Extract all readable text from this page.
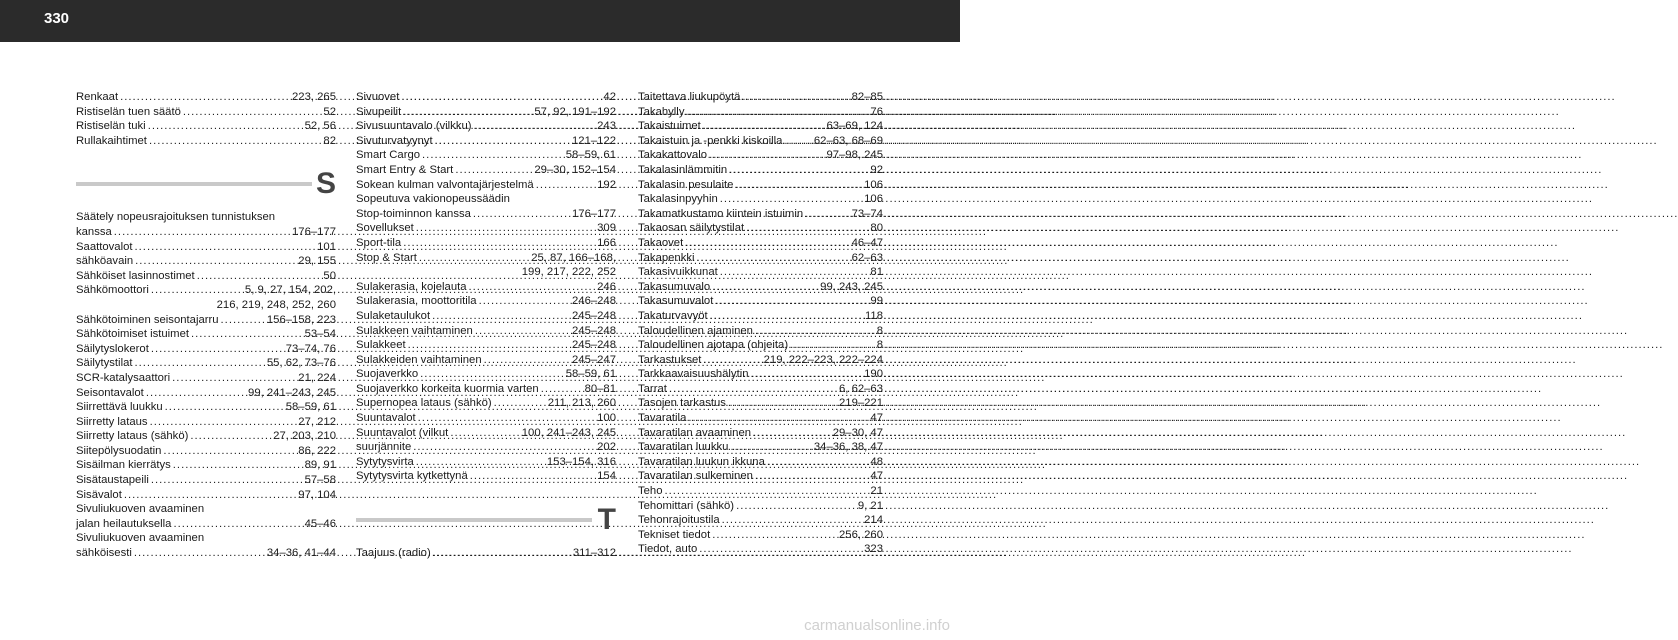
330
Renkaat .....	223, 265
Ristiselän tuen säätö .....	52
Ristiselän tuki .....	52, 56
Rullakaihtimet .....	82
S
Säätely nopeusrajoituksen tunnistuksen
kanssa .....	176–177
Saattovalot .....	101
sähköavain .....	29, 155
Sähköiset lasinnostimet .....	50
Sähkömoottori .....	5, 9, 27, 154, 202,
216, 219, 248, 252, 260
Sähkötoiminen seisontajarru .....	156–158, 223
Sähkötoimiset istuimet .....	53–54
Säilytyslokerot .....	73–74, 76
Säilytystilat .....	55, 62, 73–76
SCR-katalysaattori .....	21, 224
Seisontavalot .....	99, 241–243, 245
Siirrettävä luukku .....	58–59, 61
Siirretty lataus .....	27, 212
Siirretty lataus (sähkö) .....	27, 203, 210
Siitepölysuodatin .....	86, 222
Sisäilman kierrätys .....	89, 91
Sisätaustapeili .....	57–58
Sisävalot .....	97, 104
Sivuliukuoven avaaminen
jalan heilautuksella .....	45–46
Sivuliukuoven avaaminen
sähköisesti .....	34–36, 41–44
Sivuovet .....	42
Sivupeilit .....	57, 92, 191–192
Sivusuuntavalo (vilkku) .....	243
Sivuturvatyynyt .....	121–122
Smart Cargo .....	58–59, 61
Smart Entry & Start .....	29–30, 152–154
Sokean kulman valvontajärjestelmä .....	192
Sopeutuva vakionopeussäädin
Stop-toiminnon kanssa .....	176–177
Sovellukset .....	309
Sport-tila .....	166
Stop & Start .....	25, 87, 166–168,
199, 217, 222, 252
Sulakerasia, kojelauta .....	246
Sulakerasia, moottoritila .....	246–248
Sulaketaulukot .....	245–248
Sulakkeen vaihtaminen .....	245–248
Sulakkeet .....	245–248
Sulakkeiden vaihtaminen .....	245–247
Suojaverkko .....	58–59, 61
Suojaverkko korkeita kuormia varten .....	80–81
Supernopea lataus (sähkö) .....	211, 213, 260
Suuntavalot .....	100
Suuntavalot (vilkut .....	100, 241–243, 245
suurjännite .....	202
Sytytysvirta .....	153–154, 316
Sytytysvirta kytkettynä .....	154
T
Taajuus (radio) .....	311–312
Taitettava liukupöytä .....	82–85
Takahylly .....	76
Takaistuimet .....	63–69, 124
Takaistuin ja -penkki kiskoilla .....	62–63, 68–69
Takakattovalo .....	97–98, 245
Takalasinlämmitin .....	92
Takalasin pesulaite .....	106
Takalasinpyyhin .....	106
Takamatkustamo kiintein istuimin .....	73–74
Takaosan säilytystilat .....	80
Takaovet .....	46–47
Takapenkki .....	62–63
Takasivuikkunat .....	81
Takasumuvalo .....	99, 243, 245
Takasumuvalot .....	99
Takaturvavyöt .....	118
Taloudellinen ajaminen .....	8
Taloudellinen ajotapa (ohjeita) .....	8
Tarkastukset .....	219, 222–223, 222–224
Tarkkaavaisuushälytin .....	190
Tarrat .....	6, 62–63
Tasojen tarkastus .....	219–221
Tavaratila .....	47
Tavaratilan avaaminen .....	29–30, 47
Tavaratilan luukku .....	34–36, 38, 47
Tavaratilan luukun ikkuna .....	48
Tavaratilan sulkeminen .....	47
Teho .....	21
Tehomittari (sähkö) .....	9, 21
Tehonrajoitustila .....	214
Tekniset tiedot .....	256, 260
Tiedot, auto .....	323
carmanualsonline.info
